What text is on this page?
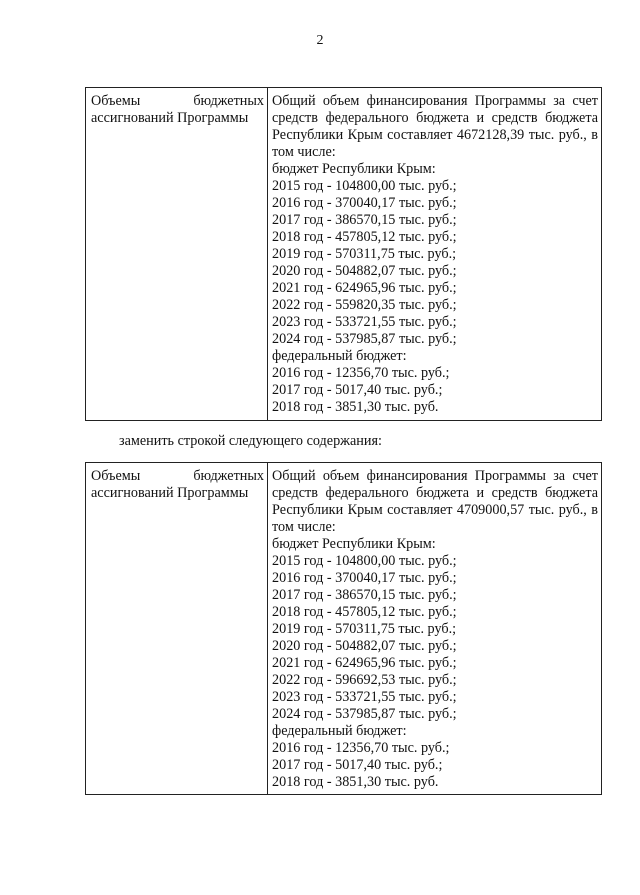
2
Объемы	бюджетных
ассигнований Программы
Общий объем финансирования Программы за счет средств федерального бюджета и средств бюджета Республики Крым составляет 4672128,39 тыс. руб., в том числе:
бюджет Республики Крым:
2015 год - 104800,00 тыс. руб.;
2016 год - 370040,17 тыс. руб.;
2017 год - 386570,15 тыс. руб.;
2018 год - 457805,12 тыс. руб.;
2019 год - 570311,75 тыс. руб.;
2020 год - 504882,07 тыс. руб.;
2021 год - 624965,96 тыс. руб.;
2022 год - 559820,35 тыс. руб.;
2023 год - 533721,55 тыс. руб.;
2024 год - 537985,87 тыс. руб.;
федеральный бюджет:
2016 год - 12356,70 тыс. руб.;
2017 год - 5017,40 тыс. руб.;
2018 год - 3851,30 тыс. руб.
заменить строкой следующего содержания:
Объемы	бюджетных
ассигнований Программы
Общий объем финансирования Программы за счет средств федерального бюджета и средств бюджета Республики Крым составляет 4709000,57 тыс. руб., в том числе:
бюджет Республики Крым:
2015 год - 104800,00 тыс. руб.;
2016 год - 370040,17 тыс. руб.;
2017 год - 386570,15 тыс. руб.;
2018 год - 457805,12 тыс. руб.;
2019 год - 570311,75 тыс. руб.;
2020 год - 504882,07 тыс. руб.;
2021 год - 624965,96 тыс. руб.;
2022 год - 596692,53 тыс. руб.;
2023 год - 533721,55 тыс. руб.;
2024 год - 537985,87 тыс. руб.;
федеральный бюджет:
2016 год - 12356,70 тыс. руб.;
2017 год - 5017,40 тыс. руб.;
2018 год - 3851,30 тыс. руб.
